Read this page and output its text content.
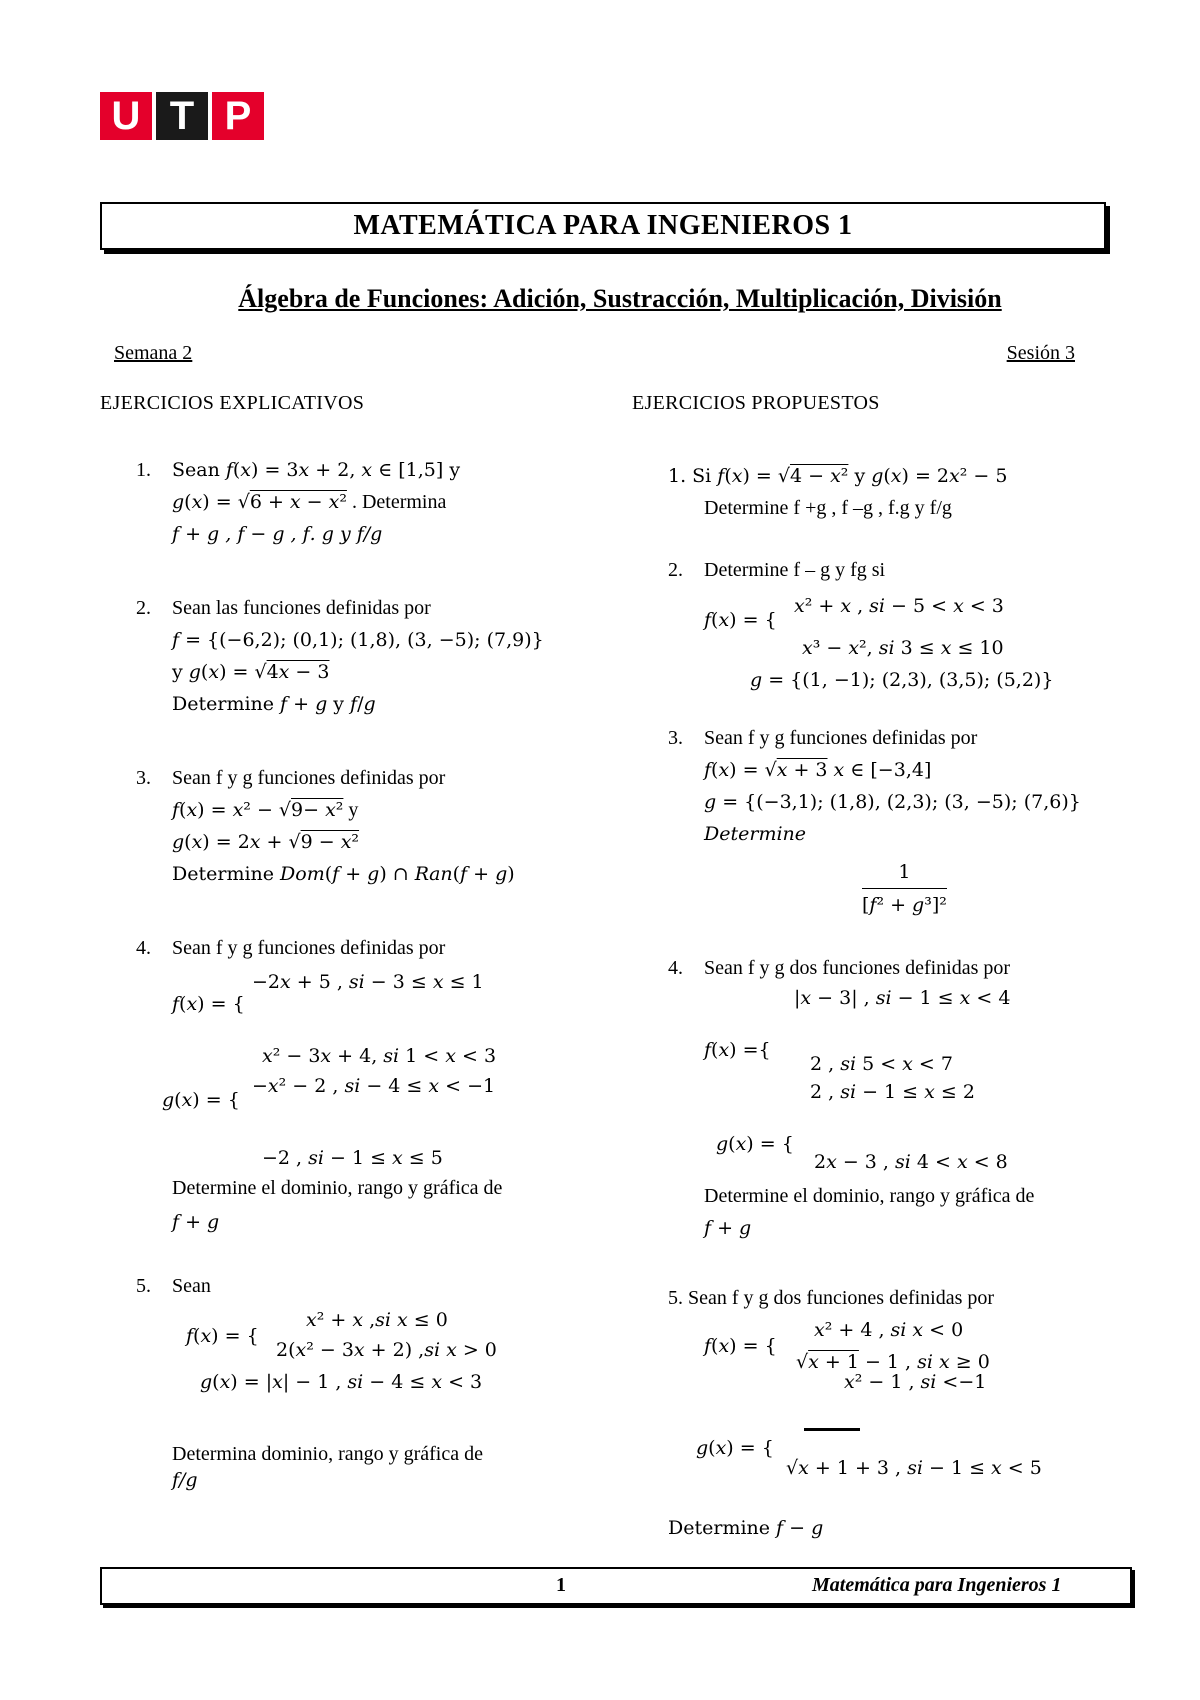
U T P
MATEMÁTICA PARA INGENIEROS 1
Álgebra de Funciones: Adición, Sustracción, Multiplicación, División
Semana 2	Sesión 3
EJERCICIOS EXPLICATIVOS	EJERCICIOS PROPUESTOS
1. Sean 𝑓(𝑥) = 3𝑥 + 2, 𝑥 ∈ [1,5] y
𝑔(𝑥) = √6 + 𝑥 − 𝑥² . Determina
𝑓 + 𝑔 , 𝑓 − 𝑔 , 𝑓. 𝑔 y 𝑓/𝑔
2. Sean las funciones definidas por
𝑓 = {(−6,2); (0,1); (1,8), (3, −5); (7,9)}
y 𝑔(𝑥) = √4𝑥 − 3
Determine 𝑓 + 𝑔 y 𝑓/𝑔
3. Sean f y g funciones definidas por
𝑓(𝑥) = 𝑥² − √9− 𝑥² y
𝑔(𝑥) = 2𝑥 + √9 − 𝑥²
Determine 𝐷𝑜𝑚(𝑓 + 𝑔) ∩ 𝑅𝑎𝑛(𝑓 + 𝑔)
4. Sean f y g funciones definidas por
−2𝑥 + 5 , 𝑠𝑖 − 3 ≤ 𝑥 ≤ 1
𝑓(𝑥) = {
𝑥² − 3𝑥 + 4, 𝑠𝑖 1 < 𝑥 < 3
𝑔(𝑥) = {
−𝑥² − 2 , 𝑠𝑖 − 4 ≤ 𝑥 < −1
−2 , 𝑠𝑖 − 1 ≤ 𝑥 ≤ 5
Determine el dominio, rango y gráfica de
𝑓 + 𝑔
5. Sean
𝑥² + 𝑥 ,𝑠𝑖 𝑥 ≤ 0
𝑓(𝑥) = {
2(𝑥² − 3𝑥 + 2) ,𝑠𝑖 𝑥 > 0
𝑔(𝑥) = |𝑥| − 1 , 𝑠𝑖 − 4 ≤ 𝑥 < 3
Determina dominio, rango y gráfica de
𝑓/𝑔
1. Si 𝑓(𝑥) = √4 − 𝑥² y 𝑔(𝑥) = 2𝑥² − 5
Determine f +g , f –g , f.g y f/g
2. Determine f – g y fg si
𝑓(𝑥) = {
𝑥² + 𝑥 , 𝑠𝑖 − 5 < 𝑥 < 3
𝑥³ − 𝑥², 𝑠𝑖 3 ≤ 𝑥 ≤ 10
𝑔 = {(1, −1); (2,3), (3,5); (5,2)}
3. Sean f y g funciones definidas por
𝑓(𝑥) = √𝑥 + 3 𝑥 ∈ [−3,4]
𝑔 = {(−3,1); (1,8), (2,3); (3, −5); (7,6)}
𝐷𝑒𝑡𝑒𝑟𝑚𝑖𝑛𝑒
1
[𝑓² + 𝑔³]²
4. Sean f y g dos funciones definidas por
|𝑥 − 3| , 𝑠𝑖 − 1 ≤ 𝑥 < 4
𝑓(𝑥) ={
2 , 𝑠𝑖 5 < 𝑥 < 7
2 , 𝑠𝑖 − 1 ≤ 𝑥 ≤ 2
𝑔(𝑥) = {
2𝑥 − 3 , 𝑠𝑖 4 < 𝑥 < 8
Determine el dominio, rango y gráfica de
𝑓 + 𝑔
5. Sean f y g dos funciones definidas por
𝑥² + 4 , 𝑠𝑖 𝑥 < 0
𝑓(𝑥) = {
√𝑥 + 1 − 1 , 𝑠𝑖 𝑥 ≥ 0
𝑥² − 1 , 𝑠𝑖 <−1
𝑔(𝑥) = {
√𝑥 + 1 + 3 , 𝑠𝑖 − 1 ≤ 𝑥 < 5
Determine 𝑓 − 𝑔
1	Matemática para Ingenieros 1
